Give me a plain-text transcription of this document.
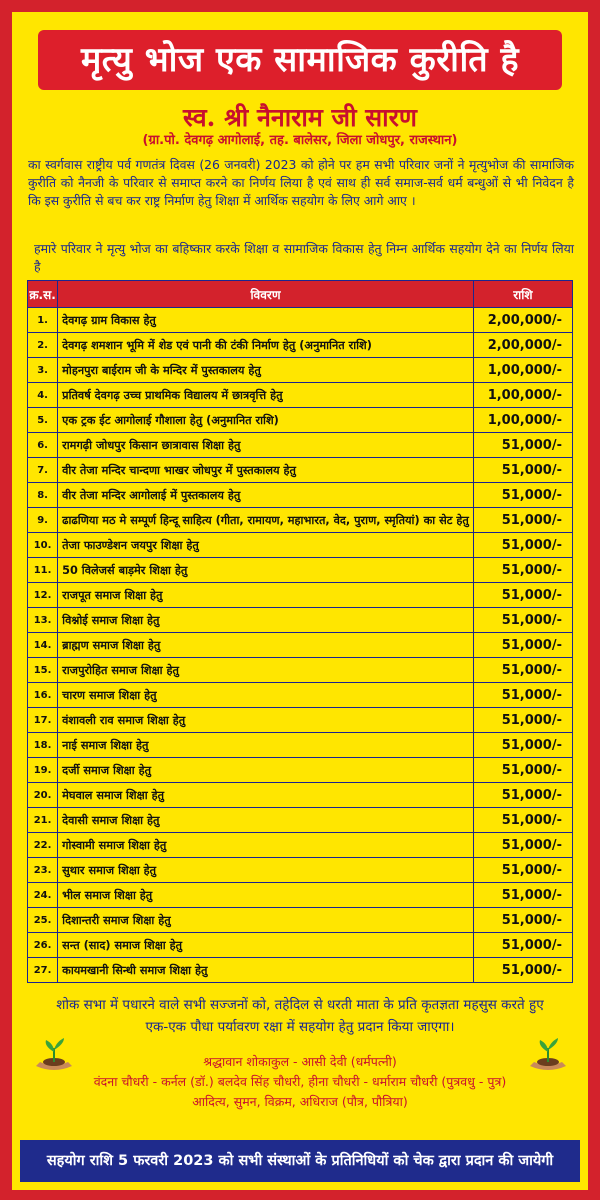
मृत्यु भोज एक सामाजिक कुरीति है
स्व. श्री नैनाराम जी सारण
(ग्रा.पो. देवगढ़ आगोलाई, तह. बालेसर, जिला जोधपुर, राजस्थान)
का स्वर्गवास राष्ट्रीय पर्व गणतंत्र दिवस (26 जनवरी) 2023 को होने पर हम सभी परिवार जनों ने मृत्युभोज की सामाजिक कुरीति को नैनजी के परिवार से समाप्त करने का निर्णय लिया है एवं साथ ही सर्व समाज-सर्व धर्म बन्धुओं से भी निवेदन है कि इस कुरीति से बच कर राष्ट्र निर्माण हेतु शिक्षा में आर्थिक सहयोग के लिए आगे आए ।
हमारे परिवार ने मृत्यु भोज का बहिष्कार करके शिक्षा व सामाजिक विकास हेतु निम्न आर्थिक सहयोग देने का निर्णय लिया है
क्र.स.	विवरण	राशि
1.	देवगढ़ ग्राम विकास हेतु	2,00,000/-
2.	देवगढ़ शमशान भूमि में शेड एवं पानी की टंकी निर्माण हेतु (अनुमानित राशि)	2,00,000/-
3.	मोहनपुरा बाईराम जी के मन्दिर में पुस्तकालय हेतु	1,00,000/-
4.	प्रतिवर्ष देवगढ़ उच्च प्राथमिक विद्यालय में छात्रवृत्ति हेतु	1,00,000/-
5.	एक ट्रक ईट आगोलाई गौशाला हेतु (अनुमानित राशि)	1,00,000/-
6.	रामगढ़ी जोधपुर किसान छात्रावास शिक्षा हेतु	51,000/-
7.	वीर तेजा मन्दिर चान्दणा भाखर जोधपुर में पुस्तकालय हेतु	51,000/-
8.	वीर तेजा मन्दिर आगोलाई में पुस्तकालय हेतु	51,000/-
9.	ढाढणिया मठ मे सम्पूर्ण हिन्दू साहित्य (गीता, रामायण, महाभारत, वेद, पुराण, स्मृतियां) का सेट हेतु	51,000/-
10.	तेजा फाउण्डेशन जयपुर शिक्षा हेतु	51,000/-
11.	50 विलेजर्स बाड़मेर शिक्षा हेतु	51,000/-
12.	राजपूत समाज शिक्षा हेतु	51,000/-
13.	विश्नोई समाज शिक्षा हेतु	51,000/-
14.	ब्राह्मण समाज शिक्षा हेतु	51,000/-
15.	राजपुरोहित समाज शिक्षा हेतु	51,000/-
16.	चारण समाज शिक्षा हेतु	51,000/-
17.	वंशावली राव समाज शिक्षा हेतु	51,000/-
18.	नाई समाज शिक्षा हेतु	51,000/-
19.	दर्जी समाज शिक्षा हेतु	51,000/-
20.	मेघवाल समाज शिक्षा हेतु	51,000/-
21.	देवासी समाज शिक्षा हेतु	51,000/-
22.	गोस्वामी समाज शिक्षा हेतु	51,000/-
23.	सुथार समाज शिक्षा हेतु	51,000/-
24.	भील समाज शिक्षा हेतु	51,000/-
25.	दिशान्तरी समाज शिक्षा हेतु	51,000/-
26.	सन्त (साद) समाज शिक्षा हेतु	51,000/-
27.	कायमखानी सिन्धी समाज शिक्षा हेतु	51,000/-
शोक सभा में पधारने वाले सभी सज्जनों को, तहेदिल से धरती माता के प्रति कृतज्ञता महसुस करते हुए
एक-एक पौधा पर्यावरण रक्षा में सहयोग हेतु प्रदान किया जाएगा।
श्रद्धावान शोकाकुल - आसी देवी (धर्मपत्नी)
वंदना चौधरी - कर्नल (डॉ.) बलदेव सिंह चौधरी, हीना चौधरी - धर्माराम चौधरी (पुत्रवधु - पुत्र)
आदित्य, सुमन, विक्रम, अधिराज (पौत्र, पौत्रिया)
सहयोग राशि 5 फरवरी 2023 को सभी संस्थाओं के प्रतिनिधियों को चेक द्वारा प्रदान की जायेगी
